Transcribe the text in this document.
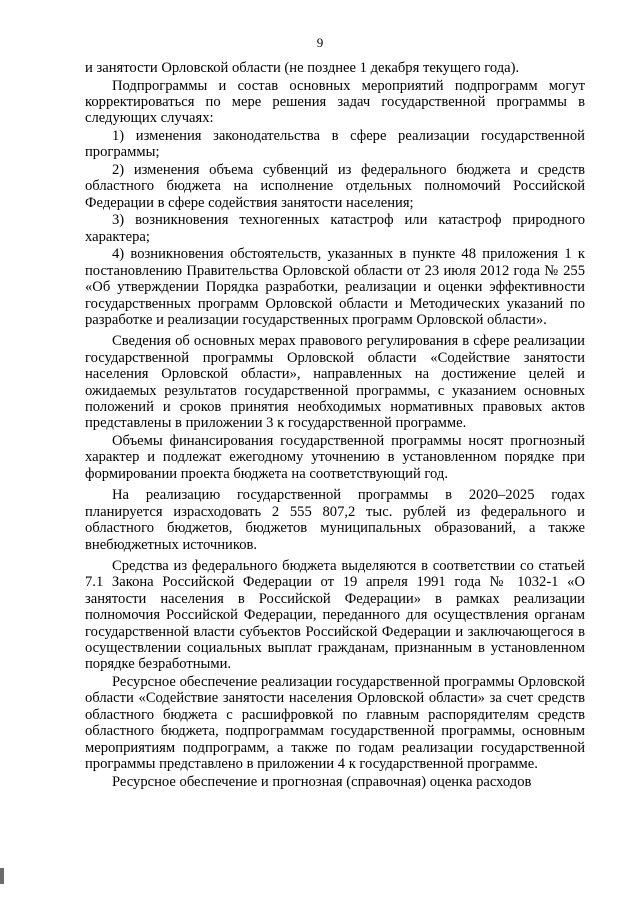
9

и занятости Орловской области (не позднее 1 декабря текущего года).

Подпрограммы и состав основных мероприятий подпрограмм могут корректироваться по мере решения задач государственной программы в следующих случаях:

1) изменения законодательства в сфере реализации государственной программы;

2) изменения объема субвенций из федерального бюджета и средств областного бюджета на исполнение отдельных полномочий Российской Федерации в сфере содействия занятости населения;

3) возникновения техногенных катастроф или катастроф природного характера;

4) возникновения обстоятельств, указанных в пункте 48 приложения 1 к постановлению Правительства Орловской области от 23 июля 2012 года № 255 «Об утверждении Порядка разработки, реализации и оценки эффективности государственных программ Орловской области и Методических указаний по разработке и реализации государственных программ Орловской области».

Сведения об основных мерах правового регулирования в сфере реализации государственной программы Орловской области «Содействие занятости населения Орловской области», направленных на достижение целей и ожидаемых результатов государственной программы, с указанием основных положений и сроков принятия необходимых нормативных правовых актов представлены в приложении 3 к государственной программе.

Объемы финансирования государственной программы носят прогнозный характер и подлежат ежегодному уточнению в установленном порядке при формировании проекта бюджета на соответствующий год.

На реализацию государственной программы в 2020–2025 годах планируется израсходовать 2 555 807,2 тыс. рублей из федерального и областного бюджетов, бюджетов муниципальных образований, а также внебюджетных источников.

Средства из федерального бюджета выделяются в соответствии со статьей 7.1 Закона Российской Федерации от 19 апреля 1991 года № 1032-1 «О занятости населения в Российской Федерации» в рамках реализации полномочия Российской Федерации, переданного для осуществления органам государственной власти субъектов Российской Федерации и заключающегося в осуществлении социальных выплат гражданам, признанным в установленном порядке безработными.

Ресурсное обеспечение реализации государственной программы Орловской области «Содействие занятости населения Орловской области» за счет средств областного бюджета с расшифровкой по главным распорядителям средств областного бюджета, подпрограммам государственной программы, основным мероприятиям подпрограмм, а также по годам реализации государственной программы представлено в приложении 4 к государственной программе.

Ресурсное обеспечение и прогнозная (справочная) оценка расходов
